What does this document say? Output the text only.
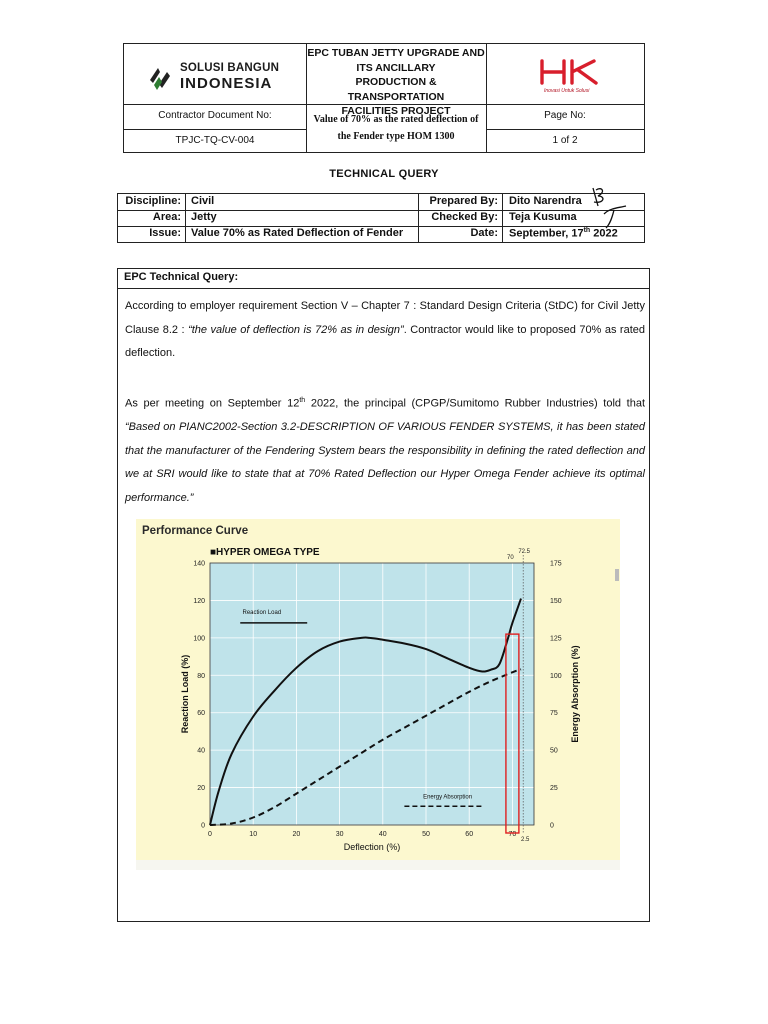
SOLUSI BANGUN
INDONESIA
EPC TUBAN JETTY UPGRADE AND
ITS ANCILLARY
PRODUCTION & TRANSPORTATION
FACILITIES PROJECT
Inovasi Untuk Solusi
Contractor Document No:
TPJC-TQ-CV-004
Value of 70% as the rated deflection of
the Fender type HOM 1300
Page No:
1 of 2
TECHNICAL QUERY
Discipline: Civil	Prepared By: Dito Narendra
Area: Jetty	Checked By: Teja Kusuma
Issue: Value 70% as Rated Deflection of Fender	Date: September, 17th 2022
EPC Technical Query:
According to employer requirement Section V – Chapter 7 : Standard Design Criteria (StDC) for Civil Jetty Clause 8.2 : “the value of deflection is 72% as in design”. Contractor would like to proposed 70% as rated deflection.
As per meeting on September 12th 2022, the principal (CPGP/Sumitomo Rubber Industries) told that “Based on PIANC2002-Section 3.2-DESCRIPTION OF VARIOUS FENDER SYSTEMS, it has been stated that the manufacturer of the Fendering System bears the responsibility in defining the rated deflection and we at SRI would like to state that at 70% Rated Deflection our Hyper Omega Fender achieve its optimal performance.”
0	10	20	30	40	50	60	70
0
20
40
60
80
100
120
140
0
25
50
75
100
125
150
175
Performance Curve
■HYPER OMEGA TYPE
Deflection (%)
Reaction Load (%)	Energy Absorption (%)
72.5
70
2.5
Reaction Load
Energy Absorption
